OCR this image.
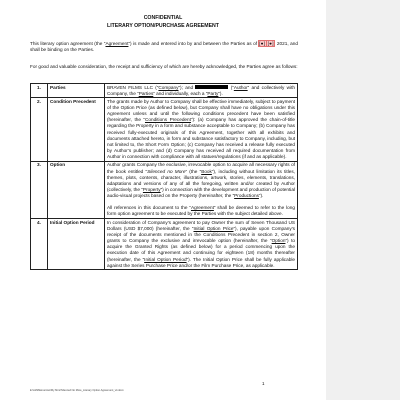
CONFIDENTIAL
LITERARY OPTION/PURCHASE AGREEMENT
This literary option agreement (the “Agreement”) is made and entered into by and between the Parties as of [●] [●], 2021, and shall be binding on the Parties.
For good and valuable consideration, the receipt and sufficiency of which are hereby acknowledged, the Parties agree as follows:
1.	Parties	BRAVEN FILMS LLC (“Company”); and (“Author” and collectively with Company, the “Parties” and individually, each a “Party”).
2.	Condition Precedent	The grants made by Author to Company shall be effective immediately, subject to payment of the Option Price (as defined below), but Company shall have no obligations under this Agreement unless and until the following conditions precedent have been satisfied (hereinafter, the “Conditions Precedent”): (a) Company has approved the chain-of-title regarding the Property in a form and substance acceptable to Company; (b) Company has received fully-executed originals of this Agreement, together with all exhibits and documents attached hereto, in form and substance satisfactory to Company, including, but not limited to, the Short Form Option; (c) Company has received a release fully executed by Author’s publisher; and (d) Company has received all required documentation from Author in connection with compliance with all statues/regulations (if and as applicable).
3.	Option	Author grants Company the exclusive, irrevocable option to acquire all necessary rights of the book entitled “Silenced no More” (the “Book”), including without limitation its titles, themes, plots, contents, character, illustrations, artwork, stories, elements, translations, adaptations and versions of any of all the foregoing, written and/or created by Author (collectively, the “Property”) in connection with the development and production of potential audio-visual projects based on the Property (hereinafter, the “Productions”).
All references in this document to the “Agreement” shall be deemed to refer to the long form option agreement to be executed by the Parties with the subject detailed above.
4.	Initial Option Period	In consideration of Company’s agreement to pay Owner the sum of Seven Thousand US Dollars (USD $7,000) (hereinafter, the “Initial Option Price”), payable upon Company’s receipt of the documents mentioned in the Conditions Precedent in section 2, Owner grants to Company the exclusive and irrevocable option (hereinafter, the “Option”) to acquire the Granted Rights (as defined below) for a period commencing upon the execution date of this Agreement and continuing for eighteen (18) months thereafter (hereinafter, the “Initial Option Period”). The Initial Option Price shall be fully applicable against the Series Purchase Price and/or the Film Purchase Price, as applicable.
1
E:\AdSMeinerJan\My Mmr\Silenced No More_Literary Option Agreement_v4.docx
